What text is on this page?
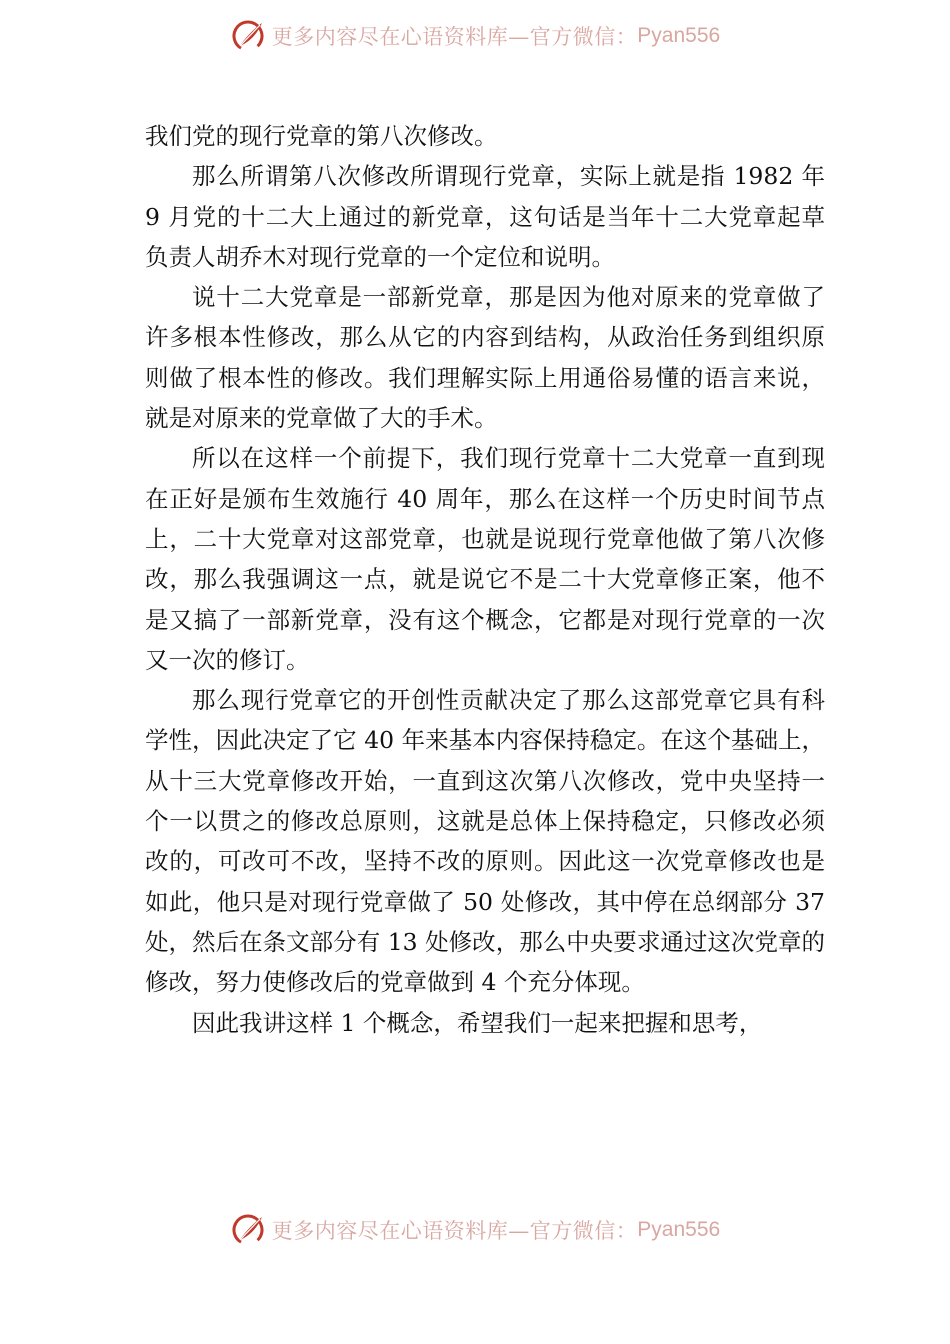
更多内容尽在心语资料库—官方微信： Pyan556

我们党的现行党章的第八次修改。

那么所谓第八次修改所谓现行党章，实际上就是指 1982 年 9 月党的十二大上通过的新党章，这句话是当年十二大党章起草负责人胡乔木对现行党章的一个定位和说明。

说十二大党章是一部新党章，那是因为他对原来的党章做了许多根本性修改，那么从它的内容到结构，从政治任务到组织原则做了根本性的修改。我们理解实际上用通俗易懂的语言来说，就是对原来的党章做了大的手术。

所以在这样一个前提下，我们现行党章十二大党章一直到现在正好是颁布生效施行 40 周年，那么在这样一个历史时间节点上，二十大党章对这部党章，也就是说现行党章他做了第八次修改，那么我强调这一点，就是说它不是二十大党章修正案，他不是又搞了一部新党章，没有这个概念，它都是对现行党章的一次又一次的修订。

那么现行党章它的开创性贡献决定了那么这部党章它具有科学性，因此决定了它 40 年来基本内容保持稳定。在这个基础上，从十三大党章修改开始，一直到这次第八次修改，党中央坚持一个一以贯之的修改总原则，这就是总体上保持稳定，只修改必须改的，可改可不改，坚持不改的原则。因此这一次党章修改也是如此，他只是对现行党章做了 50 处修改，其中停在总纲部分 37 处，然后在条文部分有 13 处修改，那么中央要求通过这次党章的修改，努力使修改后的党章做到 4 个充分体现。

因此我讲这样 1 个概念，希望我们一起来把握和思考，

更多内容尽在心语资料库—官方微信： Pyan556
